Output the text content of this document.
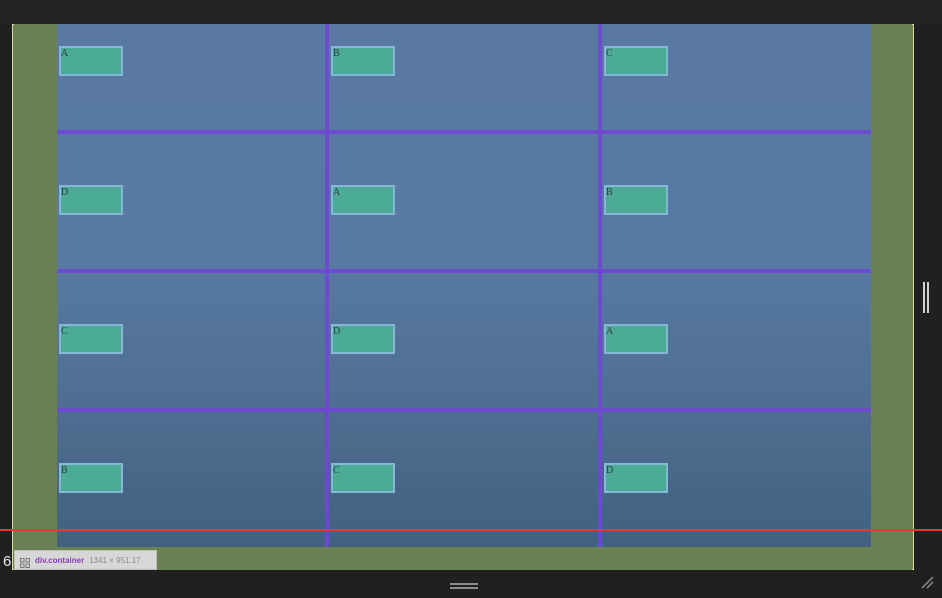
A	B	C
D	A	B
C	D	A
B	C	D
6	div.container 1341 × 951.17
